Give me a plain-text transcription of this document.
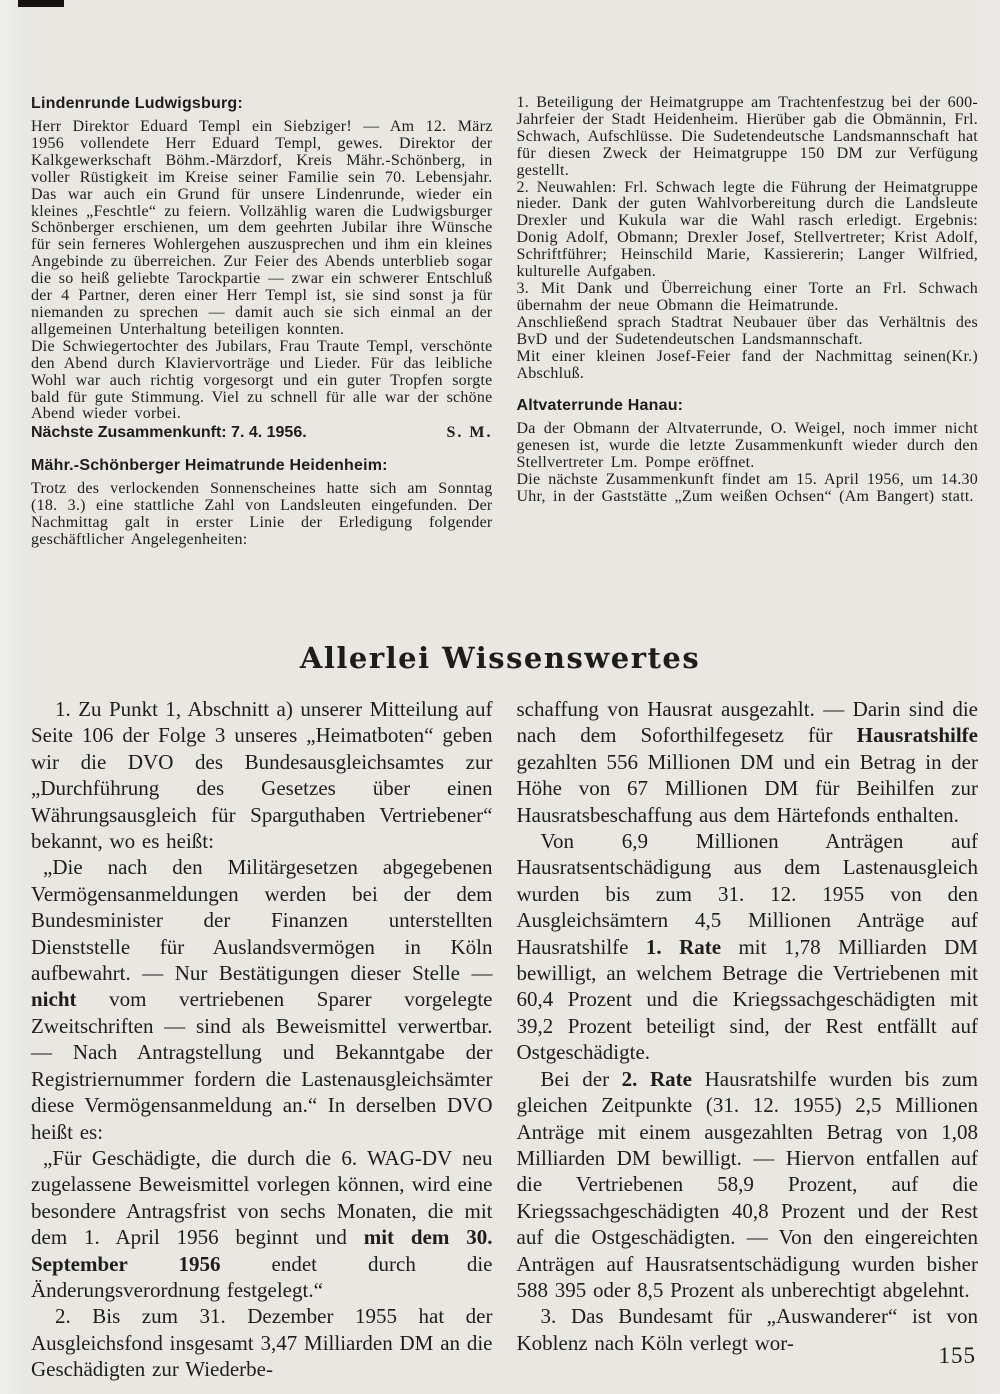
Lindenrunde Ludwigsburg:

Herr Direktor Eduard Templ ein Siebziger! — Am 12. März 1956 vollendete Herr Eduard Templ, gewes. Direktor der Kalkgewerkschaft Böhm.-Märzdorf, Kreis Mähr.-Schönberg, in voller Rüstigkeit im Kreise seiner Familie sein 70. Lebensjahr. Das war auch ein Grund für unsere Lindenrunde, wieder ein kleines „Feschtle“ zu feiern. Vollzählig waren die Ludwigsburger Schönberger erschienen, um dem geehrten Jubilar ihre Wünsche für sein ferneres Wohlergehen auszusprechen und ihm ein kleines Angebinde zu überreichen. Zur Feier des Abends unterblieb sogar die so heiß geliebte Tarockpartie — zwar ein schwerer Entschluß der 4 Partner, deren einer Herr Templ ist, sie sind sonst ja für niemanden zu sprechen — damit auch sie sich einmal an der allgemeinen Unterhaltung beteiligen konnten.

Die Schwiegertochter des Jubilars, Frau Traute Templ, verschönte den Abend durch Klaviervorträge und Lieder. Für das leibliche Wohl war auch richtig vorgesorgt und ein guter Tropfen sorgte bald für gute Stimmung. Viel zu schnell für alle war der schöne Abend wieder vorbei.

Nächste Zusammenkunft: 7. 4. 1956.	S. M.
Mähr.-Schönberger Heimatrunde Heidenheim:

Trotz des verlockenden Sonnenscheines hatte sich am Sonntag (18. 3.) eine stattliche Zahl von Landsleuten eingefunden. Der Nachmittag galt in erster Linie der Erledigung folgender geschäftlicher Angelegenheiten:

1. Beteiligung der Heimatgruppe am Trachtenfestzug bei der 600-Jahrfeier der Stadt Heidenheim. Hierüber gab die Obmännin, Frl. Schwach, Aufschlüsse. Die Sudetendeutsche Landsmannschaft hat für diesen Zweck der Heimatgruppe 150 DM zur Verfügung gestellt.

2. Neuwahlen: Frl. Schwach legte die Führung der Heimatgruppe nieder. Dank der guten Wahlvorbereitung durch die Landsleute Drexler und Kukula war die Wahl rasch erledigt. Ergebnis: Donig Adolf, Obmann; Drexler Josef, Stellvertreter; Krist Adolf, Schriftführer; Heinschild Marie, Kassiererin; Langer Wilfried, kulturelle Aufgaben.

3. Mit Dank und Überreichung einer Torte an Frl. Schwach übernahm der neue Obmann die Heimatrunde.

Anschließend sprach Stadtrat Neubauer über das Verhältnis des BvD und der Sudetendeutschen Landsmannschaft.

(Kr.)
Mit einer kleinen Josef-Feier fand der Nachmittag seinen Abschluß.

Altvaterrunde Hanau:

Da der Obmann der Altvaterrunde, O. Weigel, noch immer nicht genesen ist, wurde die letzte Zusammenkunft wieder durch den Stellvertreter Lm. Pompe eröffnet.

Die nächste Zusammenkunft findet am 15. April 1956, um 14.30 Uhr, in der Gaststätte „Zum weißen Ochsen“ (Am Bangert) statt.

Allerlei Wissenswertes

1. Zu Punkt 1, Abschnitt a) unserer Mitteilung auf Seite 106 der Folge 3 unseres „Heimatboten“ geben wir die DVO des Bundesausgleichsamtes zur „Durchführung des Gesetzes über einen Währungsausgleich für Sparguthaben Vertriebener“ bekannt, wo es heißt:

„Die nach den Militärgesetzen abgegebenen Vermögensanmeldungen werden bei der dem Bundesminister der Finanzen unterstellten Dienststelle für Auslandsvermögen in Köln aufbewahrt. — Nur Bestätigungen dieser Stelle — nicht vom vertriebenen Sparer vorgelegte Zweitschriften — sind als Beweismittel verwertbar. — Nach Antragstellung und Bekanntgabe der Registriernummer fordern die Lastenausgleichsämter diese Vermögensanmeldung an.“ In derselben DVO heißt es:

„Für Geschädigte, die durch die 6. WAG-DV neu zugelassene Beweismittel vorlegen können, wird eine besondere Antragsfrist von sechs Monaten, die mit dem 1. April 1956 beginnt und mit dem 30. September 1956 endet durch die Änderungsverordnung festgelegt.“

2. Bis zum 31. Dezember 1955 hat der Ausgleichsfond insgesamt 3,47 Milliarden DM an die Geschädigten zur Wiederbe-

schaffung von Hausrat ausgezahlt. — Darin sind die nach dem Soforthilfegesetz für Hausratshilfe gezahlten 556 Millionen DM und ein Betrag in der Höhe von 67 Millionen DM für Beihilfen zur Hausratsbeschaffung aus dem Härtefonds enthalten.

Von 6,9 Millionen Anträgen auf Hausratsentschädigung aus dem Lastenausgleich wurden bis zum 31. 12. 1955 von den Ausgleichsämtern 4,5 Millionen Anträge auf Hausratshilfe 1. Rate mit 1,78 Milliarden DM bewilligt, an welchem Betrage die Vertriebenen mit 60,4 Prozent und die Kriegssachgeschädigten mit 39,2 Prozent beteiligt sind, der Rest entfällt auf Ostgeschädigte.

Bei der 2. Rate Hausratshilfe wurden bis zum gleichen Zeitpunkte (31. 12. 1955) 2,5 Millionen Anträge mit einem ausgezahlten Betrag von 1,08 Milliarden DM bewilligt. — Hiervon entfallen auf die Vertriebenen 58,9 Prozent, auf die Kriegssachgeschädigten 40,8 Prozent und der Rest auf die Ostgeschädigten. — Von den eingereichten Anträgen auf Hausratsentschädigung wurden bisher 588 395 oder 8,5 Prozent als unberechtigt abgelehnt.

3. Das Bundesamt für „Auswanderer“ ist von Koblenz nach Köln verlegt wor-

155
